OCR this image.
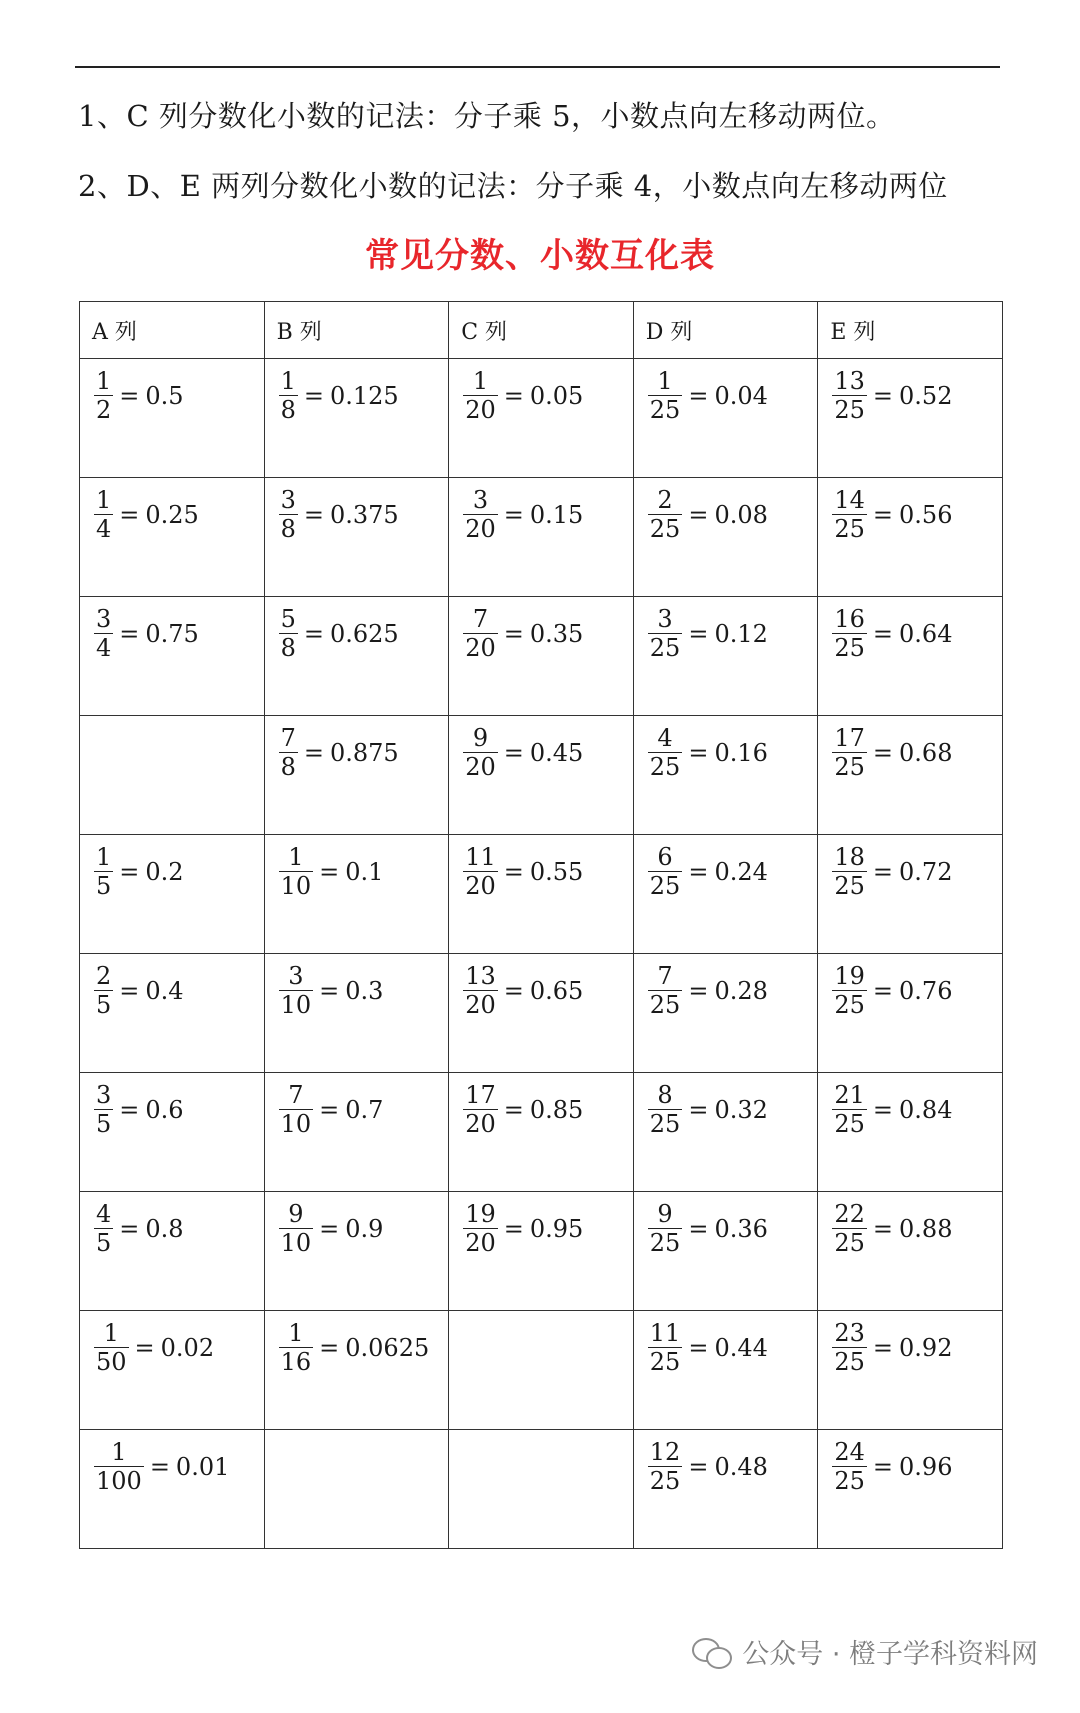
1、C 列分数化小数的记法：分子乘 5，小数点向左移动两位。
2、D、E 两列分数化小数的记法：分子乘 4，小数点向左移动两位
常见分数、小数互化表
A 列	B 列	C 列	D 列	E 列

$\frac{1}{2} = 0.5$	$\frac{1}{8} = 0.125$	$\frac{1}{20} = 0.05$	$\frac{1}{25} = 0.04$	$\frac{13}{25} = 0.52$

$\frac{1}{4} = 0.25$	$\frac{3}{8} = 0.375$	$\frac{3}{20} = 0.15$	$\frac{2}{25} = 0.08$	$\frac{14}{25} = 0.56$

$\frac{3}{4} = 0.75$	$\frac{5}{8} = 0.625$	$\frac{7}{20} = 0.35$	$\frac{3}{25} = 0.12$	$\frac{16}{25} = 0.64$

	$\frac{7}{8} = 0.875$	$\frac{9}{20} = 0.45$	$\frac{4}{25} = 0.16$	$\frac{17}{25} = 0.68$

$\frac{1}{5} = 0.2$	$\frac{1}{10} = 0.1$	$\frac{11}{20} = 0.55$	$\frac{6}{25} = 0.24$	$\frac{18}{25} = 0.72$

$\frac{2}{5} = 0.4$	$\frac{3}{10} = 0.3$	$\frac{13}{20} = 0.65$	$\frac{7}{25} = 0.28$	$\frac{19}{25} = 0.76$

$\frac{3}{5} = 0.6$	$\frac{7}{10} = 0.7$	$\frac{17}{20} = 0.85$	$\frac{8}{25} = 0.32$	$\frac{21}{25} = 0.84$

$\frac{4}{5} = 0.8$	$\frac{9}{10} = 0.9$	$\frac{19}{20} = 0.95$	$\frac{9}{25} = 0.36$	$\frac{22}{25} = 0.88$

$\frac{1}{50} = 0.02$	$\frac{1}{16} = 0.0625$		$\frac{11}{25} = 0.44$	$\frac{23}{25} = 0.92$

$\frac{1}{100} = 0.01$			$\frac{12}{25} = 0.48$	$\frac{24}{25} = 0.96$
公众号 · 橙子学科资料网
